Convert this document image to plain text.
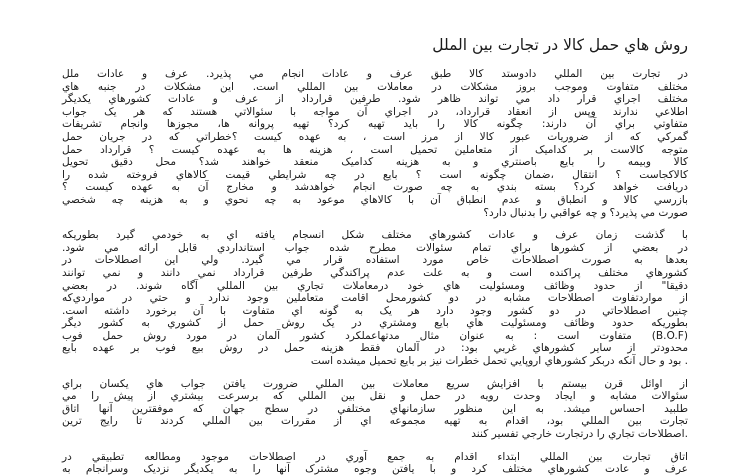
روش هاي حمل کالا در تجارت بين الملل
در تجارت بين المللي دادوستد کالا طبق عرف و عادات انجام مي پذيرد. عرف و عادات ملل
مختلف متفاوت وموجب بروز مشکلات در معاملات بين المللي است. اين مشکلات در جنبه هاي
مختلف اجراي قرار داد مي تواند ظاهر شود. طرفين قرارداد از عرف و عادات کشورهاي يکديگر
اطلاعي ندارند وپس از انعقاد قرارداد، در اجراي آن مواجه با سئوالاتي هستند که هر يک جواب
متفاوتي براي آن دارند: چگونه کالا را بايد تهيه کرد؟ تهيه پروانه ها، مجوزها وانجام تشريفات
گمرکي که از ضروريات عبور کالا از مرز است ، به عهده کيست ؟خطراتي که در جريان حمل
متوجه کالاست بر کداميک از متعاملين تحميل است ، هزينه ها به عهده کيست ؟ قرارداد حمل
کالا وبيمه را بايع باصنتري و به هزينه کداميک منعقد خواهند شد؟ محل دقيق تحويل
کالاکجاست ؟ انتقال ،ضمان چگونه است ؟ بايع در چه شرايطي قيمت کالاهاي فروخته شده را
دريافت خواهد کرد؟ بسته بندي به چه صورت انجام خواهدشد و مخارج آن به عهده کيست ؟
بازرسي کالا و انطباق و عدم انطباق آن با کالاهاي موعود به چه نحوي و به هزينه چه شخصي
صورت مي پذيرد؟ و چه عواقبي را بدنبال دارد؟
با گذشت زمان عرف و عادات کشورهاي مختلف شکل انسجام يافته اي به خودمي گيرد بطوريکه
در بعضي از کشورها براي تمام سئوالات مطرح شده جواب استانداردي قابل ارائه مي شود.
بعدها به صورت اصطلاحات خاص مورد استفاده قرار مي گيرد. ولي اين اصطلاحات در
کشورهاي مختلف پراکنده است و به علت عدم پراکندگي طرفين قرارداد نمي دانند و نمي توانند
دقيقا" از حدود وظائف ومسئوليت هاي خود درمعاملات تجاري بين المللي آگاه شوند. در بعضي
از مواردتفاوت اصطلاحات مشابه در دو کشورمحل اقامت متعاملين وجود ندارد و حتي در مواردي‌که
چنين اصطلاحاتي در دو کشور وجود دارد هر يک به گونه اي متفاوت با آن برخورد داشته است.
بطوريکه حدود وظائف ومسئوليت هاي بايع ومشتري در يک روش حمل از کشوري به کشور ديگر
(B.O.F) متفاوت است : به عنوان مثال مدتهاعملکرد کشور آلمان در مورد روش حمل فوب
محدودتر از ساير کشورهاي غربي بود: در آلمان فقط هزينه حمل در روش بيع فوب بر عهده بايع
. بود و حال آنکه دربکر کشورهاي اروپايي تحمل خطرات نيز بر بايع تحميل ميشده است
از اوائل قرن بيستم با افزايش سريع معاملات بين المللي ضرورت يافتن جواب هاي يکسان براي
سئوالات مشابه و ايجاد وحدت رويه در حمل و نقل بين المللي که برسرعت بيشتري از پيش را مي
طلبيد احساس ميشد. به اين منظور سازمانهاي مختلفي در سطح جهان که موفقترين آنها اتاق
تجارت بين المللي بود، اقدام به تهيه مجموعه اي از مقررات بين المللي کردند تا رايج ترين
.اصطلاحات تجاري را درتجارت خارجي تفسير کنند
اتاق تجارت بين المللي ابتداء اقدام به جمع آوري در اصطلاحات موجود ومطالعه تطبيقي در
عرف و عادت کشورهاي مختلف کرد و با يافتن وجوه مشترک آنها را به يکديگر نزديک وسرانجام به
